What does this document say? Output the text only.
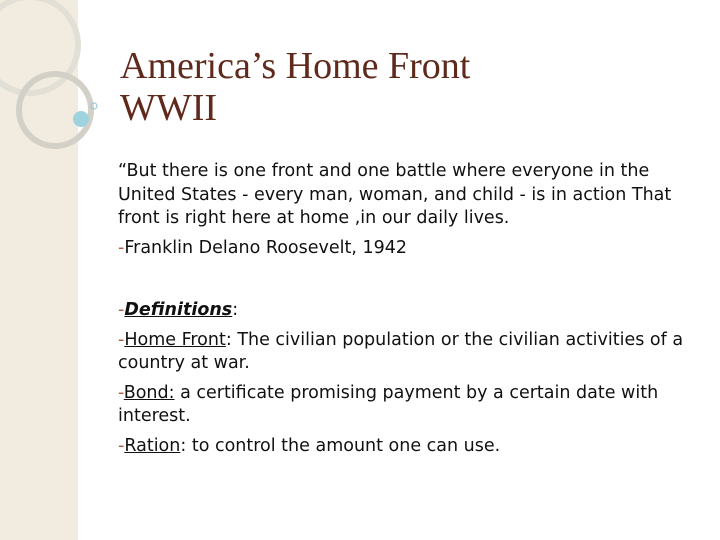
America’s Home Front
WWII

“But there is one front and one battle where everyone in the United States - every man, woman, and child - is in action That front is right here at home ,in our daily lives.

-Franklin Delano Roosevelt, 1942

-Definitions:

-Home Front: The civilian population or the civilian activities of a country at war.

-Bond: a certificate promising payment by a certain date with interest.

-Ration: to control the amount one can use.
